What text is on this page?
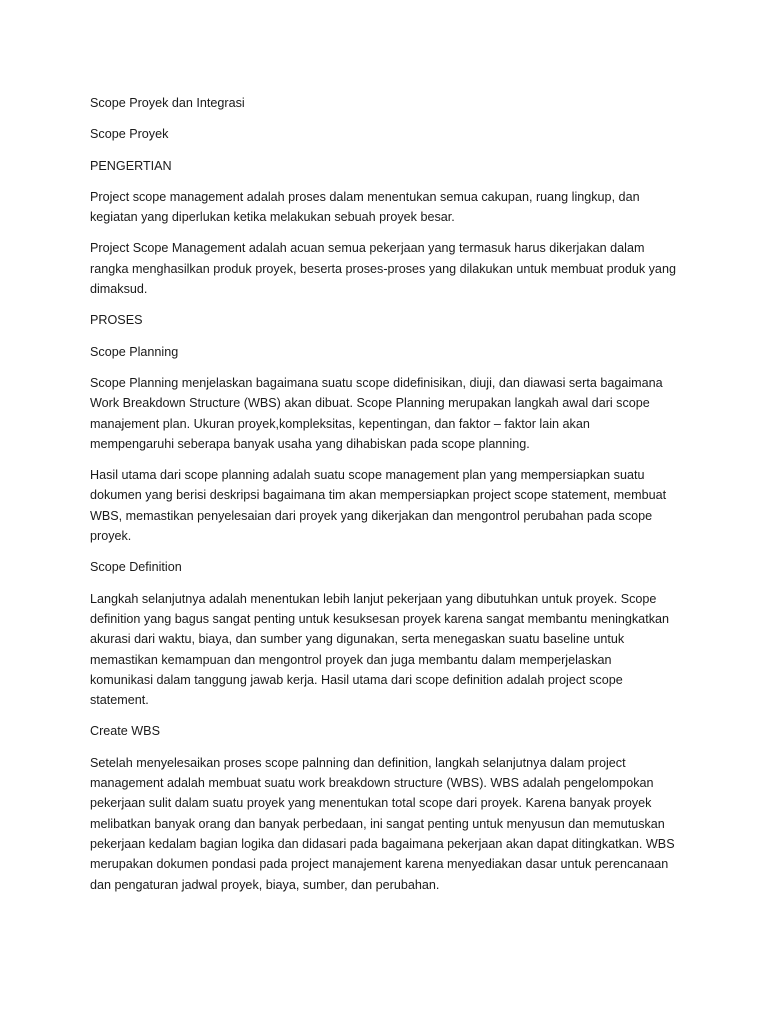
Scope Proyek dan Integrasi

Scope Proyek

PENGERTIAN

Project scope management adalah proses dalam menentukan semua cakupan, ruang lingkup, dan
kegiatan yang diperlukan ketika melakukan sebuah proyek besar.

Project Scope Management adalah acuan semua pekerjaan yang termasuk harus dikerjakan dalam
rangka menghasilkan produk proyek, beserta proses-proses yang dilakukan untuk membuat produk yang
dimaksud.

PROSES

Scope Planning

Scope Planning menjelaskan bagaimana suatu scope didefinisikan, diuji, dan diawasi serta bagaimana
Work Breakdown Structure (WBS) akan dibuat. Scope Planning merupakan langkah awal dari scope
manajement plan. Ukuran proyek,kompleksitas, kepentingan, dan faktor – faktor lain akan
mempengaruhi seberapa banyak usaha yang dihabiskan pada scope planning.

Hasil utama dari scope planning adalah suatu scope management plan yang mempersiapkan suatu
dokumen yang berisi deskripsi bagaimana tim akan mempersiapkan project scope statement, membuat
WBS, memastikan penyelesaian dari proyek yang dikerjakan dan mengontrol perubahan pada scope
proyek.

Scope Definition

Langkah selanjutnya adalah menentukan lebih lanjut pekerjaan yang dibutuhkan untuk proyek. Scope
definition yang bagus sangat penting untuk kesuksesan proyek karena sangat membantu meningkatkan
akurasi dari waktu, biaya, dan sumber yang digunakan, serta menegaskan suatu baseline untuk
memastikan kemampuan dan mengontrol proyek dan juga membantu dalam memperjelaskan
komunikasi dalam tanggung jawab kerja. Hasil utama dari scope definition adalah project scope
statement.

Create WBS

Setelah menyelesaikan proses scope palnning dan definition, langkah selanjutnya dalam project
management adalah membuat suatu work breakdown structure (WBS). WBS adalah pengelompokan
pekerjaan sulit dalam suatu proyek yang menentukan total scope dari proyek. Karena banyak proyek
melibatkan banyak orang dan banyak perbedaan, ini sangat penting untuk menyusun dan memutuskan
pekerjaan kedalam bagian logika dan didasari pada bagaimana pekerjaan akan dapat ditingkatkan. WBS
merupakan dokumen pondasi pada project manajement karena menyediakan dasar untuk perencanaan
dan pengaturan jadwal proyek, biaya, sumber, dan perubahan.
